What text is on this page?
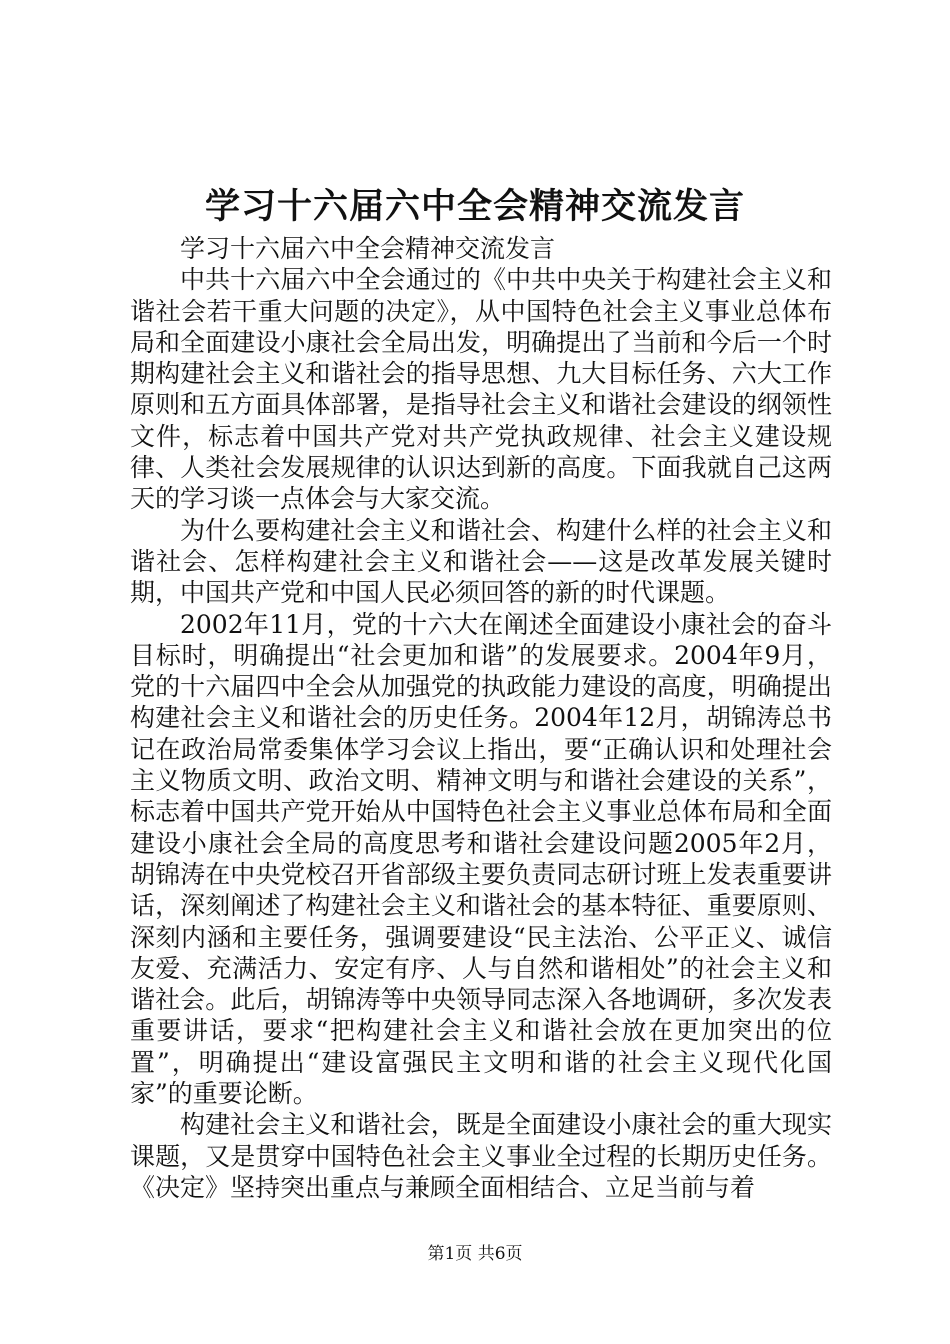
学习十六届六中全会精神交流发言

学习十六届六中全会精神交流发言

中共十六届六中全会通过的《中共中央关于构建社会主义和谐社会若干重大问题的决定》，从中国特色社会主义事业总体布局和全面建设小康社会全局出发，明确提出了当前和今后一个时期构建社会主义和谐社会的指导思想、九大目标任务、六大工作原则和五方面具体部署，是指导社会主义和谐社会建设的纲领性文件，标志着中国共产党对共产党执政规律、社会主义建设规律、人类社会发展规律的认识达到新的高度。下面我就自己这两天的学习谈一点体会与大家交流。

为什么要构建社会主义和谐社会、构建什么样的社会主义和谐社会、怎样构建社会主义和谐社会——这是改革发展关键时期，中国共产党和中国人民必须回答的新的时代课题。

2002年11月，党的十六大在阐述全面建设小康社会的奋斗目标时，明确提出“社会更加和谐”的发展要求。2004年9月，党的十六届四中全会从加强党的执政能力建设的高度，明确提出构建社会主义和谐社会的历史任务。2004年12月，胡锦涛总书记在政治局常委集体学习会议上指出，要“正确认识和处理社会主义物质文明、政治文明、精神文明与和谐社会建设的关系”，标志着中国共产党开始从中国特色社会主义事业总体布局和全面建设小康社会全局的高度思考和谐社会建设问题2005年2月，胡锦涛在中央党校召开省部级主要负责同志研讨班上发表重要讲话，深刻阐述了构建社会主义和谐社会的基本特征、重要原则、深刻内涵和主要任务，强调要建设“民主法治、公平正义、诚信友爱、充满活力、安定有序、人与自然和谐相处”的社会主义和谐社会。此后，胡锦涛等中央领导同志深入各地调研，多次发表重要讲话，要求“把构建社会主义和谐社会放在更加突出的位置”，明确提出“建设富强民主文明和谐的社会主义现代化国家”的重要论断。

构建社会主义和谐社会，既是全面建设小康社会的重大现实课题，又是贯穿中国特色社会主义事业全过程的长期历史任务。《决定》坚持突出重点与兼顾全面相结合、立足当前与着

第1页 共6页
